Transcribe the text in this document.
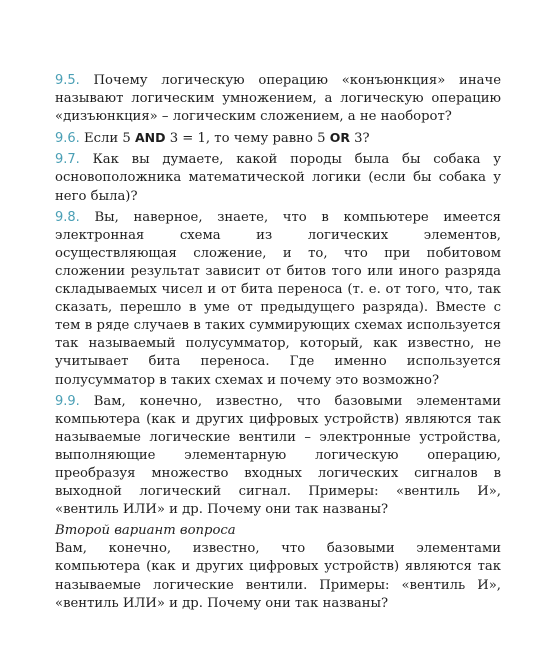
9.5. Почему логическую операцию «конъюнкция» иначе называют логическим умножением, а логическую операцию «дизъюнкция» – логическим сложением, а не наоборот?

9.6. Если 5 AND 3 = 1, то чему равно 5 OR 3?

9.7. Как вы думаете, какой породы была бы собака у основоположника математической логики (если бы собака у него была)?

9.8. Вы, наверное, знаете, что в компьютере имеется электронная схема из логических элементов, осуществляющая сложение, и то, что при побитовом сложении результат зависит от битов того или иного разряда складываемых чисел и от бита переноса (т. е. от того, что, так сказать, перешло в уме от предыдущего разряда). Вместе с тем в ряде случаев в таких суммирующих схемах используется так называемый полусумматор, который, как известно, не учитывает бита переноса. Где именно используется полусумматор в таких схемах и почему это возможно?

9.9. Вам, конечно, известно, что базовыми элементами компьютера (как и других цифровых устройств) являются так называемые логические вентили – электронные устройства, выполняющие элементарную логическую операцию, преобразуя множество входных логических сигналов в выходной логический сигнал. Примеры: «вентиль И», «вентиль ИЛИ» и др. Почему они так названы?

Второй вариант вопроса

Вам, конечно, известно, что базовыми элементами компьютера (как и других цифровых устройств) являются так называемые логические вентили. Примеры: «вентиль И», «вентиль ИЛИ» и др. Почему они так названы?
